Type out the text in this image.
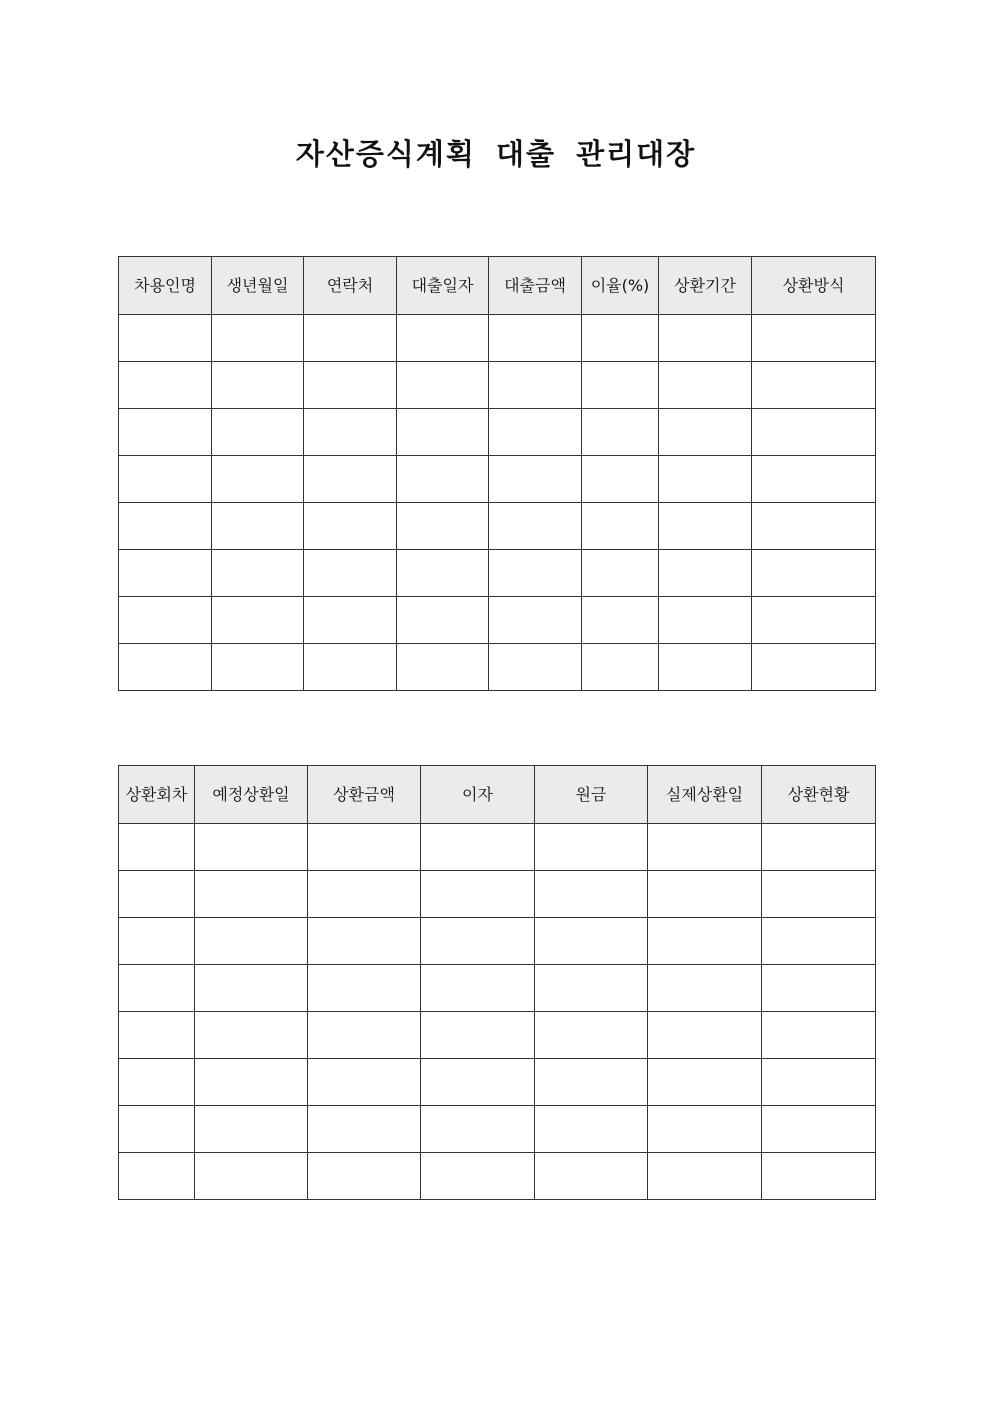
자산증식계획 대출 관리대장
차용인명	생년월일	연락처	대출일자	대출금액	이율(%)	상환기간	상환방식

상환회차	예정상환일	상환금액	이자	원금	실제상환일	상환현황
